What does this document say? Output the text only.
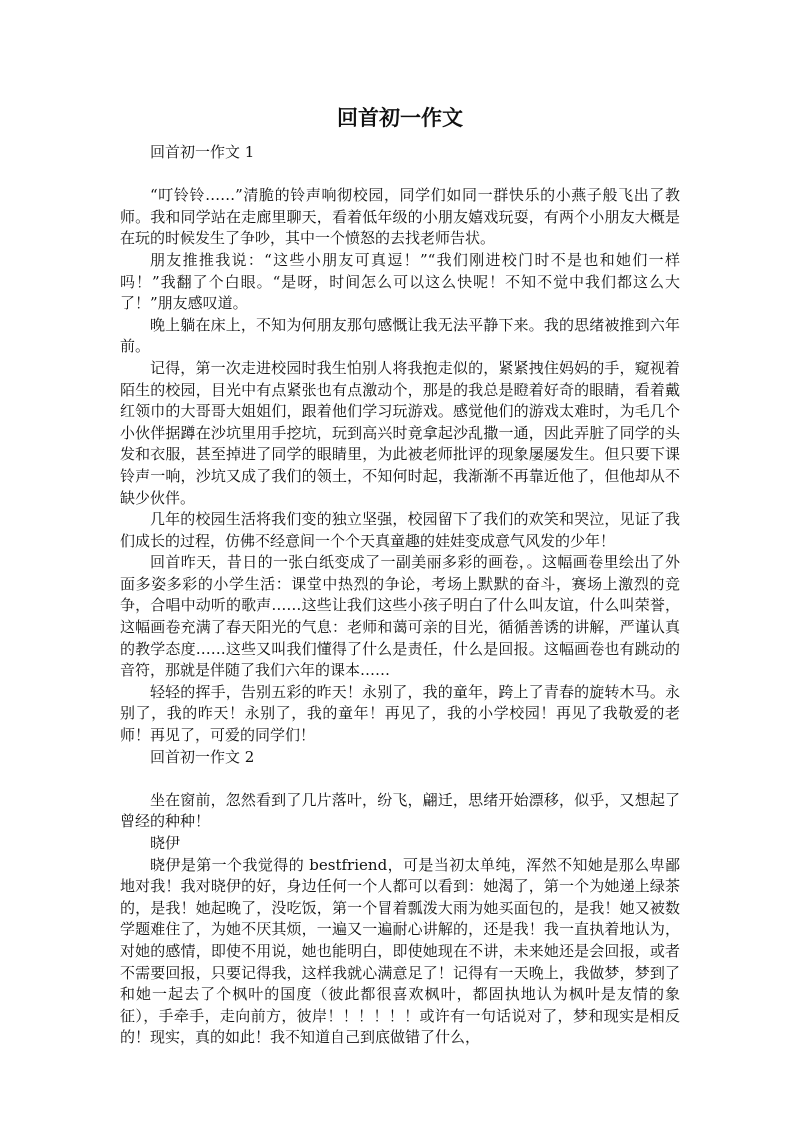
回首初一作文

回首初一作文 1

“叮铃铃……”清脆的铃声响彻校园，同学们如同一群快乐的小燕子般飞出了教师。我和同学站在走廊里聊天，看着低年级的小朋友嬉戏玩耍，有两个小朋友大概是在玩的时候发生了争吵，其中一个愤怒的去找老师告状。

朋友推推我说：“这些小朋友可真逗！”“我们刚进校门时不是也和她们一样吗！”我翻了个白眼。“是呀，时间怎么可以这么快呢！不知不觉中我们都这么大了！”朋友感叹道。

晚上躺在床上，不知为何朋友那句感慨让我无法平静下来。我的思绪被推到六年前。

记得，第一次走进校园时我生怕别人将我抱走似的，紧紧拽住妈妈的手，窥视着陌生的校园，目光中有点紧张也有点激动个，那是的我总是瞪着好奇的眼睛，看着戴红领巾的大哥哥大姐姐们，跟着他们学习玩游戏。感觉他们的游戏太难时，为毛几个小伙伴据蹲在沙坑里用手挖坑，玩到高兴时竟拿起沙乱撒一通，因此弄脏了同学的头发和衣服，甚至掉进了同学的眼睛里，为此被老师批评的现象屡屡发生。但只要下课铃声一响，沙坑又成了我们的领土，不知何时起，我渐渐不再靠近他了，但他却从不缺少伙伴。

几年的校园生活将我们变的独立坚强，校园留下了我们的欢笑和哭泣，见证了我们成长的过程，仿佛不经意间一个个天真童趣的娃娃变成意气风发的少年！

回首昨天，昔日的一张白纸变成了一副美丽多彩的画卷，。这幅画卷里绘出了外面多姿多彩的小学生活：课堂中热烈的争论，考场上默默的奋斗，赛场上激烈的竞争，合唱中动听的歌声……这些让我们这些小孩子明白了什么叫友谊，什么叫荣誉，这幅画卷充满了春天阳光的气息：老师和蔼可亲的目光，循循善诱的讲解，严谨认真的教学态度……这些又叫我们懂得了什么是责任，什么是回报。这幅画卷也有跳动的音符，那就是伴随了我们六年的课本……

轻轻的挥手，告别五彩的昨天！永别了，我的童年，跨上了青春的旋转木马。永别了，我的昨天！永别了，我的童年！再见了，我的小学校园！再见了我敬爱的老师！再见了，可爱的同学们！

回首初一作文 2

坐在窗前，忽然看到了几片落叶，纷飞，翩迁，思绪开始漂移，似乎，又想起了曾经的种种！

晓伊

晓伊是第一个我觉得的 bestfriend，可是当初太单纯，浑然不知她是那么卑鄙地对我！我对晓伊的好，身边任何一个人都可以看到：她渴了，第一个为她递上绿茶的，是我！她起晚了，没吃饭，第一个冒着瓢泼大雨为她买面包的，是我！她又被数学题难住了，为她不厌其烦，一遍又一遍耐心讲解的，还是我！我一直执着地认为，对她的感情，即使不用说，她也能明白，即使她现在不讲，未来她还是会回报，或者不需要回报，只要记得我，这样我就心满意足了！记得有一天晚上，我做梦，梦到了和她一起去了个枫叶的国度（彼此都很喜欢枫叶，都固执地认为枫叶是友情的象征），手牵手，走向前方，彼岸！！！！！！或许有一句话说对了，梦和现实是相反的！现实，真的如此！我不知道自己到底做错了什么，
